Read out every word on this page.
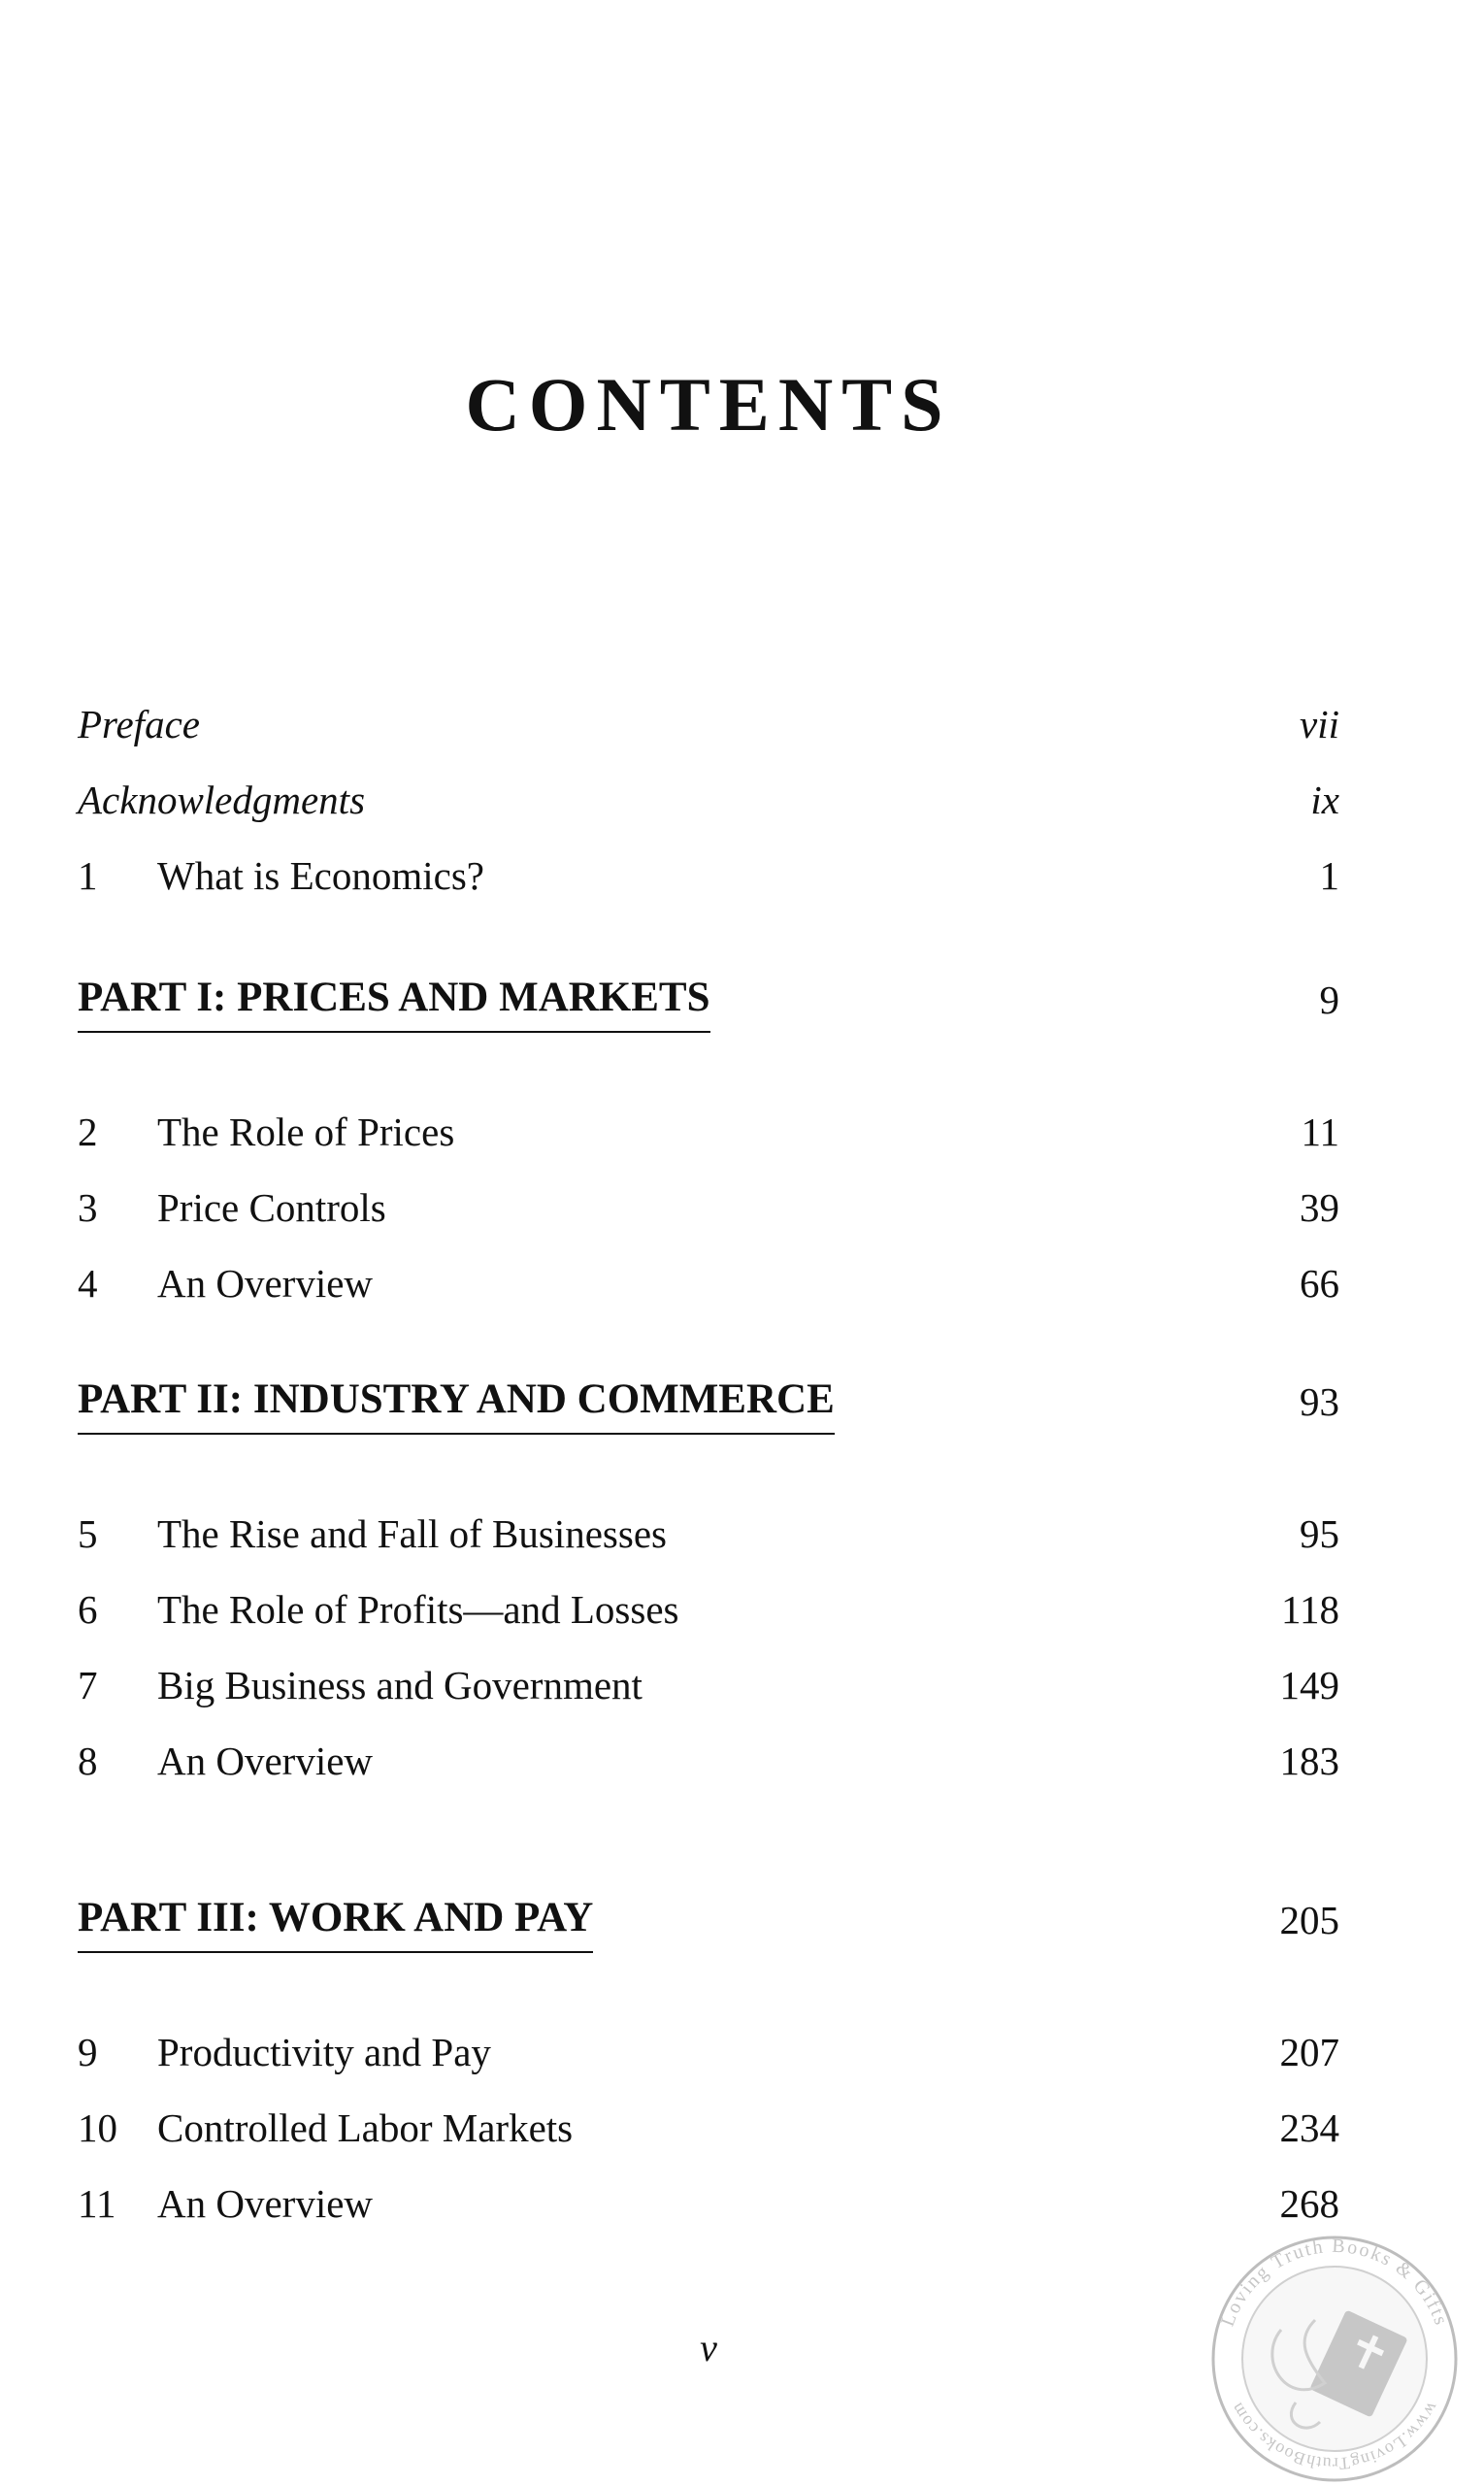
CONTENTS
Preface	vii
Acknowledgments	ix
1 What is Economics?	1
PART I: PRICES AND MARKETS	9
2 The Role of Prices	11
3 Price Controls	39
4 An Overview	66
PART II: INDUSTRY AND COMMERCE	93
5 The Rise and Fall of Businesses	95
6 The Role of Profits—and Losses	118
7 Big Business and Government	149
8 An Overview	183
PART III: WORK AND PAY	205
9 Productivity and Pay	207
10 Controlled Labor Markets	234
11 An Overview	268
v
Loving Truth Books & Gifts
www.LovingTruthBooks.com
